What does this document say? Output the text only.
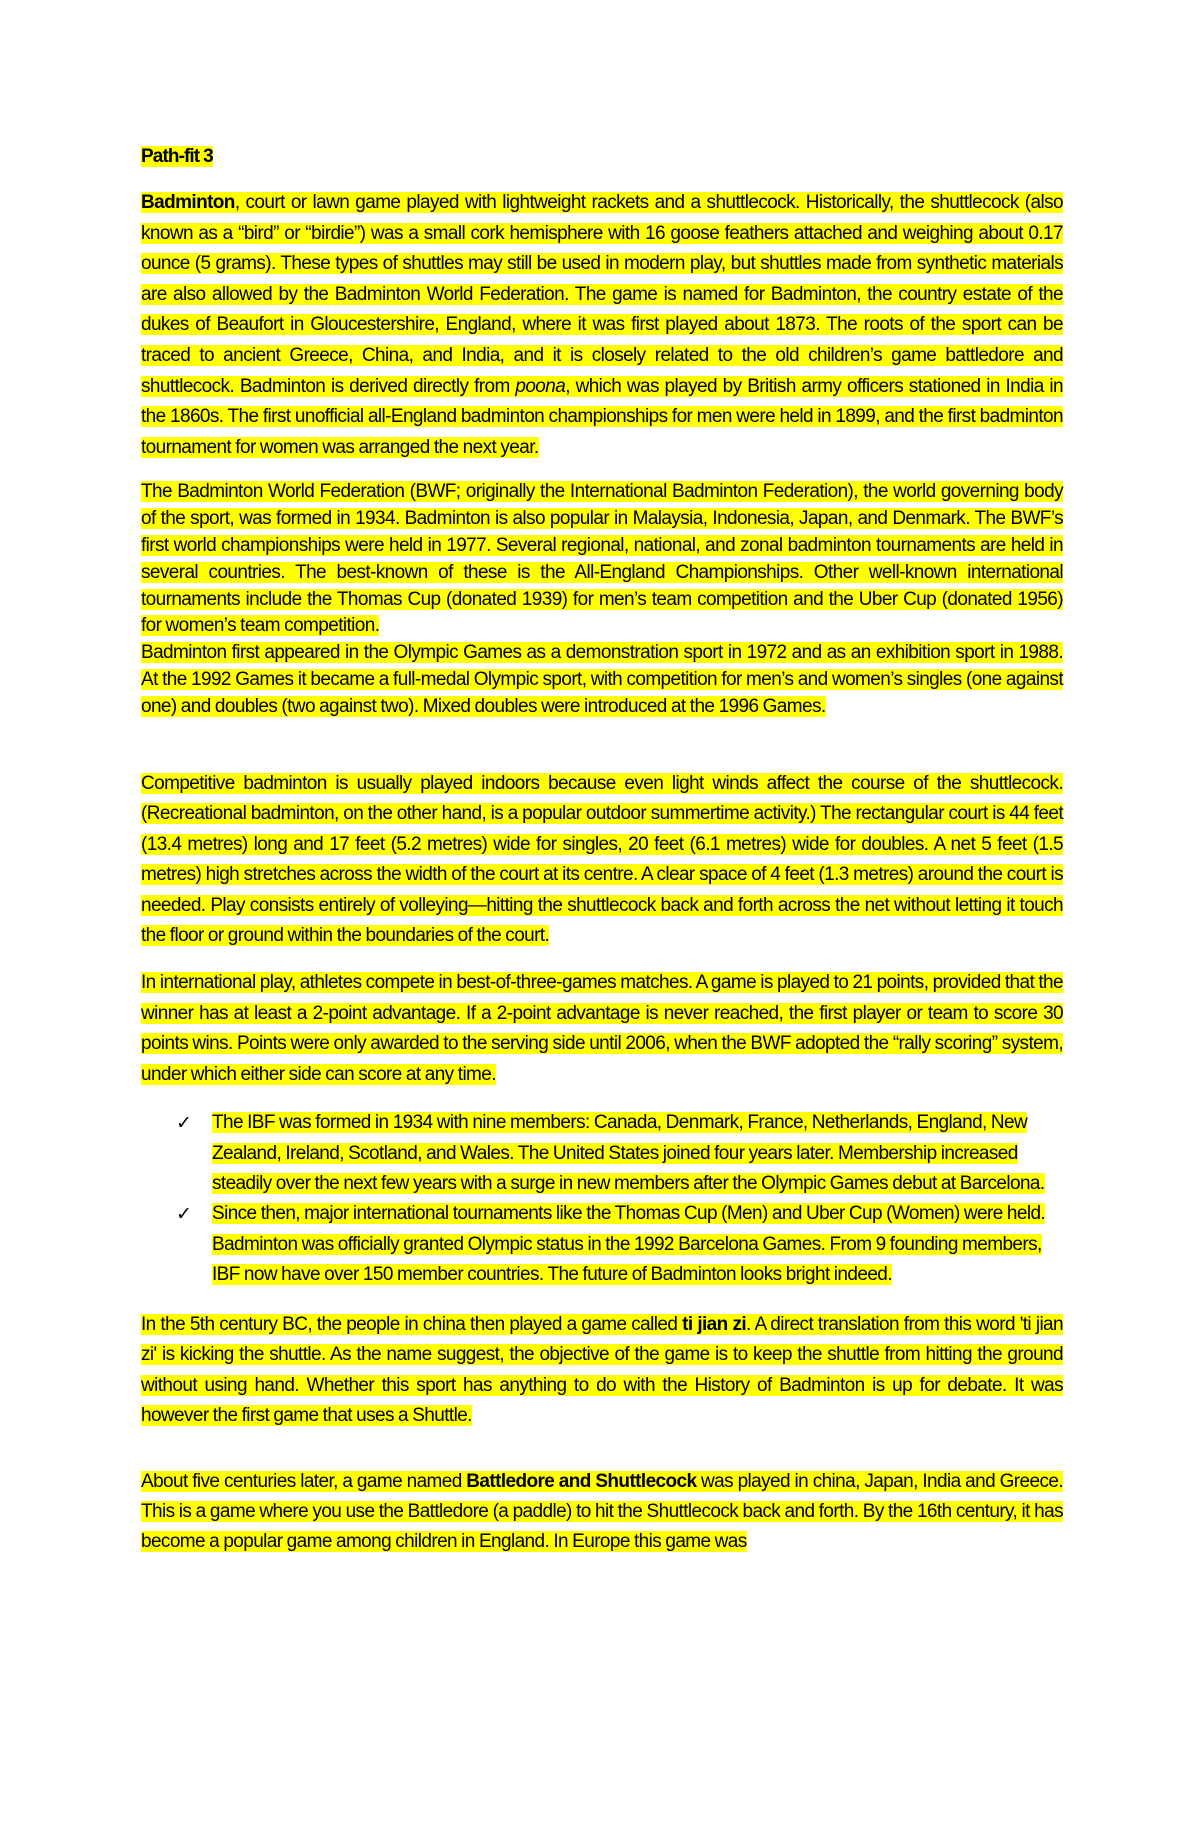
Path-fit 3

Badminton, court or lawn game played with lightweight rackets and a shuttlecock. Historically, the shuttlecock (also known as a “bird” or “birdie”) was a small cork hemisphere with 16 goose feathers attached and weighing about 0.17 ounce (5 grams). These types of shuttles may still be used in modern play, but shuttles made from synthetic materials are also allowed by the Badminton World Federation. The game is named for Badminton, the country estate of the dukes of Beaufort in Gloucestershire, England, where it was first played about 1873. The roots of the sport can be traced to ancient Greece, China, and India, and it is closely related to the old children’s game battledore and shuttlecock. Badminton is derived directly from poona, which was played by British army officers stationed in India in the 1860s. The first unofficial all-England badminton championships for men were held in 1899, and the first badminton tournament for women was arranged the next year.

The Badminton World Federation (BWF; originally the International Badminton Federation), the world governing body of the sport, was formed in 1934. Badminton is also popular in Malaysia, Indonesia, Japan, and Denmark. The BWF’s first world championships were held in 1977. Several regional, national, and zonal badminton tournaments are held in several countries. The best-known of these is the All-England Championships. Other well-known international tournaments include the Thomas Cup (donated 1939) for men’s team competition and the Uber Cup (donated 1956) for women’s team competition.

Badminton first appeared in the Olympic Games as a demonstration sport in 1972 and as an exhibition sport in 1988. At the 1992 Games it became a full-medal Olympic sport, with competition for men’s and women’s singles (one against one) and doubles (two against two). Mixed doubles were introduced at the 1996 Games.

Competitive badminton is usually played indoors because even light winds affect the course of the shuttlecock. (Recreational badminton, on the other hand, is a popular outdoor summertime activity.) The rectangular court is 44 feet (13.4 metres) long and 17 feet (5.2 metres) wide for singles, 20 feet (6.1 metres) wide for doubles. A net 5 feet (1.5 metres) high stretches across the width of the court at its centre. A clear space of 4 feet (1.3 metres) around the court is needed. Play consists entirely of volleying—hitting the shuttlecock back and forth across the net without letting it touch the floor or ground within the boundaries of the court.

In international play, athletes compete in best-of-three-games matches. A game is played to 21 points, provided that the winner has at least a 2-point advantage. If a 2-point advantage is never reached, the first player or team to score 30 points wins. Points were only awarded to the serving side until 2006, when the BWF adopted the “rally scoring” system, under which either side can score at any time.

✓ The IBF was formed in 1934 with nine members: Canada, Denmark, France, Netherlands, England, New Zealand, Ireland, Scotland, and Wales. The United States joined four years later. Membership increased steadily over the next few years with a surge in new members after the Olympic Games debut at Barcelona.
✓ Since then, major international tournaments like the Thomas Cup (Men) and Uber Cup (Women) were held. Badminton was officially granted Olympic status in the 1992 Barcelona Games. From 9 founding members, IBF now have over 150 member countries. The future of Badminton looks bright indeed.

In the 5th century BC, the people in china then played a game called ti jian zi. A direct translation from this word 'ti jian zi' is kicking the shuttle. As the name suggest, the objective of the game is to keep the shuttle from hitting the ground without using hand. Whether this sport has anything to do with the History of Badminton is up for debate. It was however the first game that uses a Shuttle.

About five centuries later, a game named Battledore and Shuttlecock was played in china, Japan, India and Greece. This is a game where you use the Battledore (a paddle) to hit the Shuttlecock back and forth. By the 16th century, it has become a popular game among children in England. In Europe this game was
